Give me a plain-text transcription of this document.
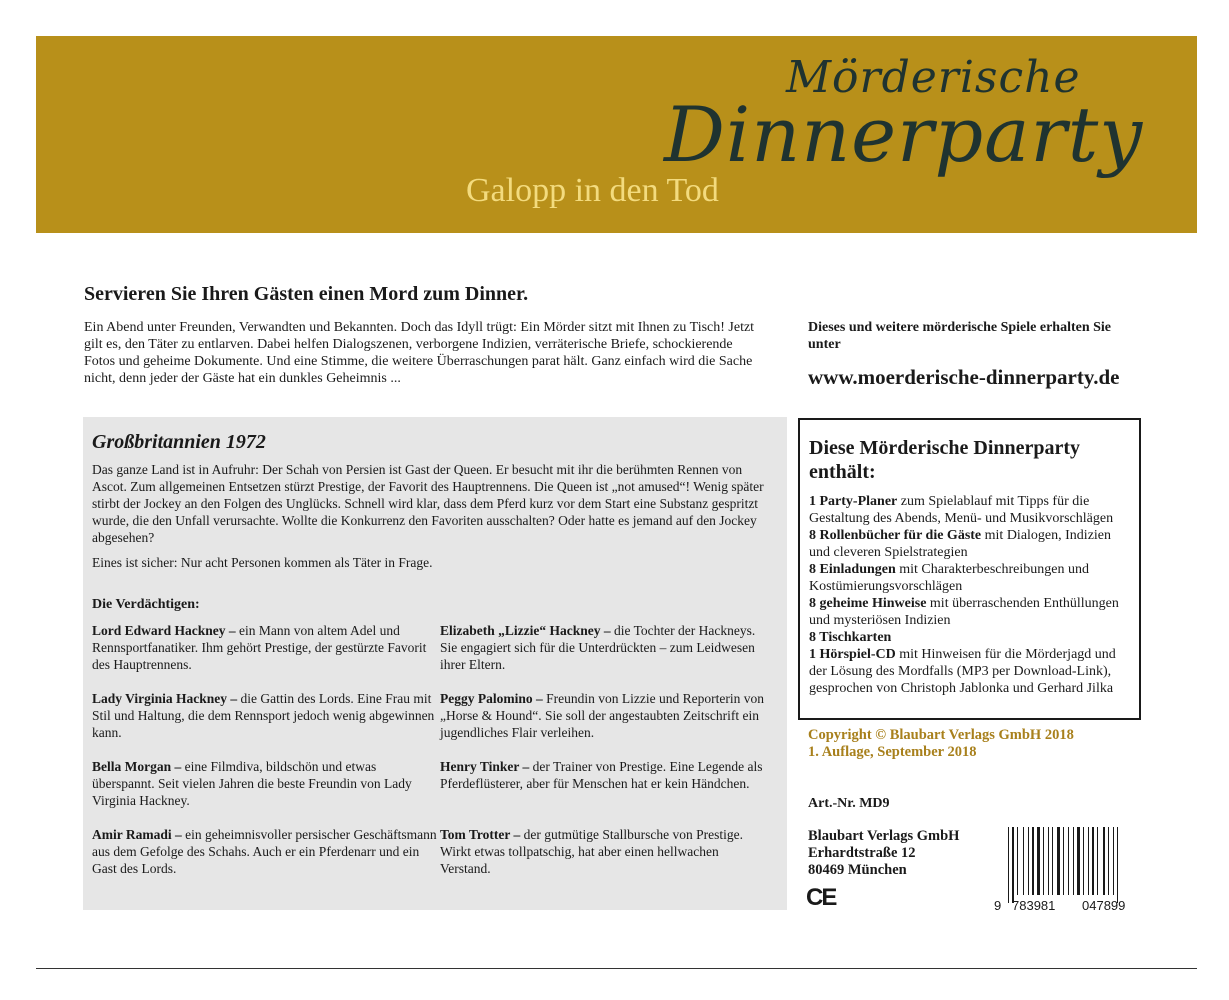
Mörderische
Dinnerparty
Galopp in den Tod
Servieren Sie Ihren Gästen einen Mord zum Dinner.
Ein Abend unter Freunden, Verwandten und Bekannten. Doch das Idyll trügt: Ein Mörder sitzt mit Ihnen zu Tisch! Jetzt gilt es, den Täter zu entlarven. Dabei helfen Dialogszenen, verborgene Indizien, verräterische Briefe, schockierende Fotos und geheime Dokumente. Und eine Stimme, die weitere Überraschungen parat hält. Ganz einfach wird die Sache nicht, denn jeder der Gäste hat ein dunkles Geheimnis ...
Dieses und weitere mörderische Spiele erhalten Sie unter
www.moerderische-dinnerparty.de
Großbritannien 1972

Das ganze Land ist in Aufruhr: Der Schah von Persien ist Gast der Queen. Er besucht mit ihr die berühmten Rennen von Ascot. Zum allgemeinen Entsetzen stürzt Prestige, der Favorit des Hauptrennens. Die Queen ist „not amused“! Wenig später stirbt der Jockey an den Folgen des Unglücks. Schnell wird klar, dass dem Pferd kurz vor dem Start eine Substanz gespritzt wurde, die den Unfall verursachte. Wollte die Konkurrenz den Favoriten ausschalten? Oder hatte es jemand auf den Jockey abgesehen?

Eines ist sicher: Nur acht Personen kommen als Täter in Frage.

Die Verdächtigen:
Lord Edward Hackney – ein Mann von altem Adel und Rennsportfanatiker. Ihm gehört Prestige, der gestürzte Favorit des Hauptrennens.
Elizabeth „Lizzie“ Hackney – die Tochter der Hackneys. Sie engagiert sich für die Unterdrückten – zum Leidwesen ihrer Eltern.
Lady Virginia Hackney – die Gattin des Lords. Eine Frau mit Stil und Haltung, die dem Rennsport jedoch wenig abgewinnen kann.
Peggy Palomino – Freundin von Lizzie und Reporterin von „Horse & Hound“. Sie soll der angestaubten Zeitschrift ein jugendliches Flair verleihen.
Bella Morgan – eine Filmdiva, bildschön und etwas überspannt. Seit vielen Jahren die beste Freundin von Lady Virginia Hackney.
Henry Tinker – der Trainer von Prestige. Eine Legende als Pferdeflüsterer, aber für Menschen hat er kein Händchen.
Amir Ramadi – ein geheimnisvoller persischer Geschäftsmann aus dem Gefolge des Schahs. Auch er ein Pferdenarr und ein Gast des Lords.
Tom Trotter – der gutmütige Stallbursche von Prestige. Wirkt etwas tollpatschig, hat aber einen hellwachen Verstand.
Diese Mörderische Dinnerparty enthält:
1 Party-Planer zum Spielablauf mit Tipps für die Gestaltung des Abends, Menü- und Musikvorschlägen
8 Rollenbücher für die Gäste mit Dialogen, Indizien und cleveren Spielstrategien
8 Einladungen mit Charakterbeschreibungen und Kostümierungsvorschlägen
8 geheime Hinweise mit überraschenden Enthüllungen und mysteriösen Indizien
8 Tischkarten
1 Hörspiel-CD mit Hinweisen für die Mörderjagd und der Lösung des Mordfalls (MP3 per Download-Link), gesprochen von Christoph Jablonka und Gerhard Jilka
Copyright © Blaubart Verlags GmbH 2018
1. Auflage, September 2018
Art.-Nr. MD9
Blaubart Verlags GmbH
Erhardtstraße 12
80469 München
CE	9 783981 047899
